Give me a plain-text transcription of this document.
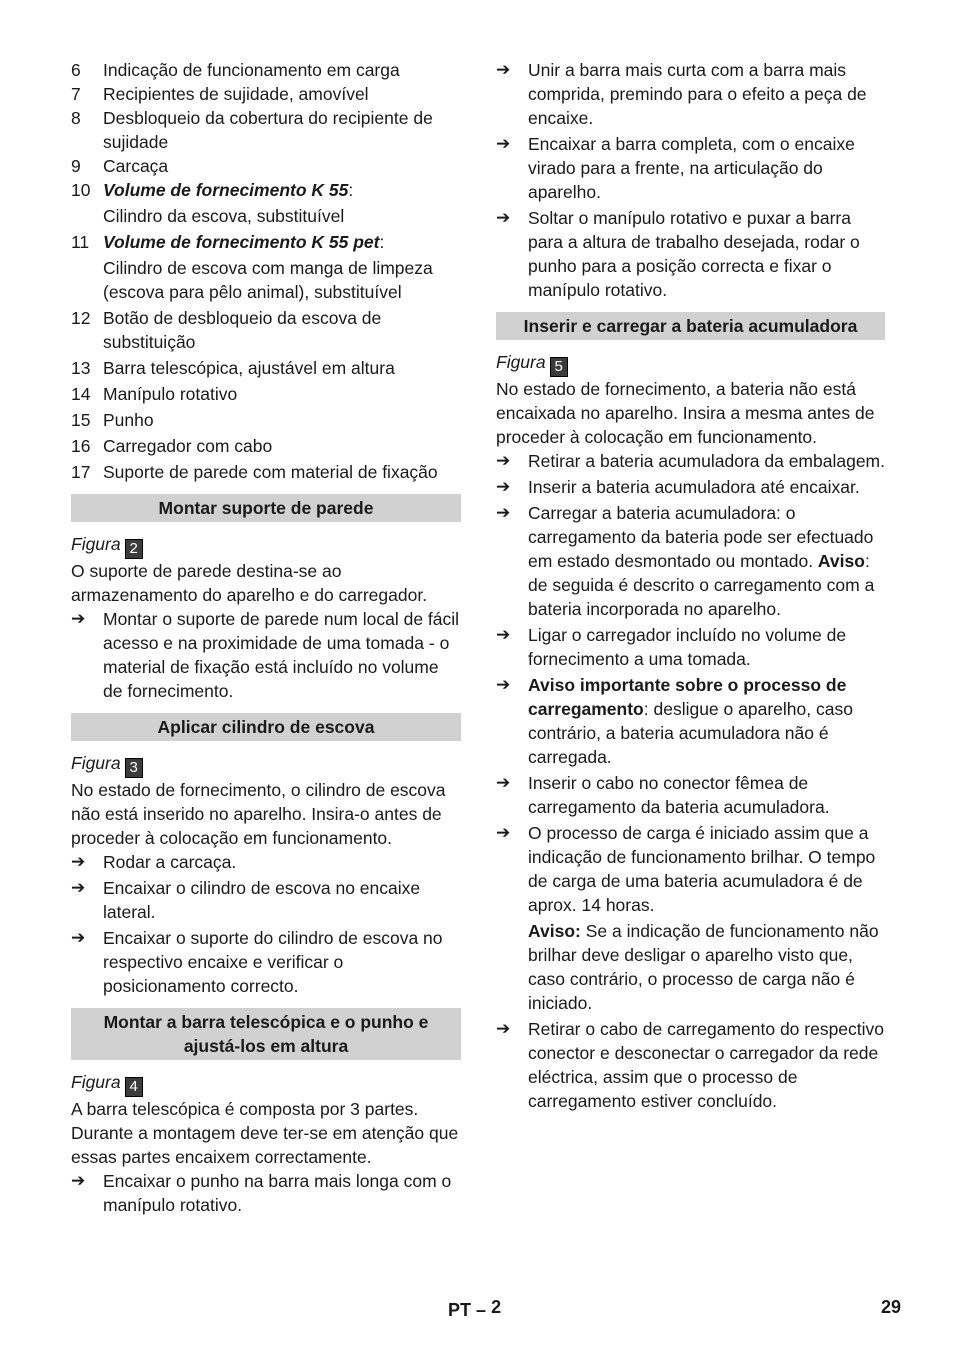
6	Indicação de funcionamento em carga
7	Recipientes de sujidade, amovível
8	Desbloqueio da cobertura do recipiente de sujidade
9	Carcaça
10 Volume de fornecimento K 55:
Cilindro da escova, substituível
11 Volume de fornecimento K 55 pet:
Cilindro de escova com manga de limpeza (escova para pêlo animal), substituível
12 Botão de desbloqueio da escova de substituição
13 Barra telescópica, ajustável em altura
14 Manípulo rotativo
15 Punho
16 Carregador com cabo
17 Suporte de parede com material de fixação
Montar suporte de parede
Figura 2
O suporte de parede destina-se ao armazenamento do aparelho e do carregador.
➔	Montar o suporte de parede num local de fácil acesso e na proximidade de uma tomada - o material de fixação está incluído no volume de fornecimento.
Aplicar cilindro de escova
Figura 3
No estado de fornecimento, o cilindro de escova não está inserido no aparelho. Insira-o antes de proceder à colocação em funcionamento.
➔	Rodar a carcaça.
➔	Encaixar o cilindro de escova no encaixe lateral.
➔	Encaixar o suporte do cilindro de escova no respectivo encaixe e verificar o posicionamento correcto.
Montar a barra telescópica e o punho e ajustá-los em altura
Figura 4
A barra telescópica é composta por 3 partes. Durante a montagem deve ter-se em atenção que essas partes encaixem correctamente.
➔	Encaixar o punho na barra mais longa com o manípulo rotativo.
➔	Unir a barra mais curta com a barra mais comprida, premindo para o efeito a peça de encaixe.
➔	Encaixar a barra completa, com o encaixe virado para a frente, na articulação do aparelho.
➔	Soltar o manípulo rotativo e puxar a barra para a altura de trabalho desejada, rodar o punho para a posição correcta e fixar o manípulo rotativo.
Inserir e carregar a bateria acumuladora
Figura 5
No estado de fornecimento, a bateria não está encaixada no aparelho. Insira a mesma antes de proceder à colocação em funcionamento.
➔	Retirar a bateria acumuladora da embalagem.
➔	Inserir a bateria acumuladora até encaixar.
➔	Carregar a bateria acumuladora: o carregamento da bateria pode ser efectuado em estado desmontado ou montado. Aviso: de seguida é descrito o carregamento com a bateria incorporada no aparelho.
➔	Ligar o carregador incluído no volume de fornecimento a uma tomada.
➔	Aviso importante sobre o processo de carregamento: desligue o aparelho, caso contrário, a bateria acumuladora não é carregada.
➔	Inserir o cabo no conector fêmea de carregamento da bateria acumuladora.
➔	O processo de carga é iniciado assim que a indicação de funcionamento brilhar. O tempo de carga de uma bateria acumuladora é de aprox. 14 horas.
Aviso: Se a indicação de funcionamento não brilhar deve desligar o aparelho visto que, caso contrário, o processo de carga não é iniciado.
➔	Retirar o cabo de carregamento do respectivo conector e desconectar o carregador da rede eléctrica, assim que o processo de carregamento estiver concluído.
PT – 2	29
